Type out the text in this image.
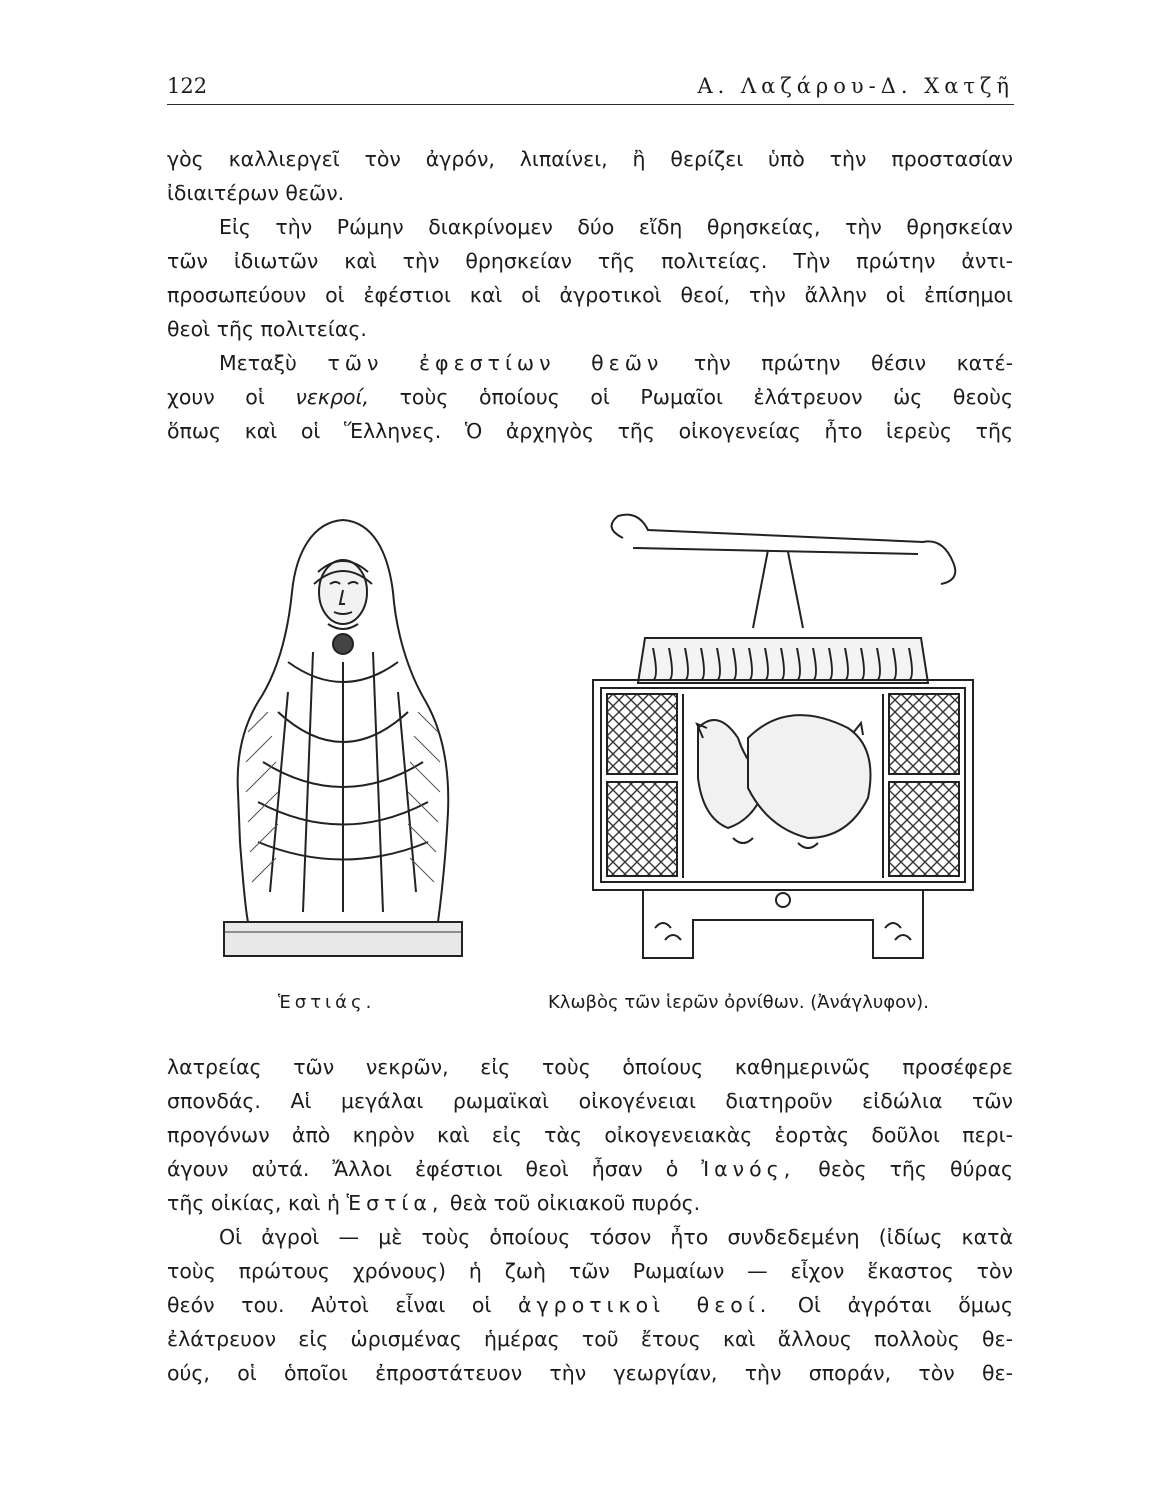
122	Α. Λαζάρου-Δ. Χατζῆ
γὸς καλλιεργεῖ τὸν ἀγρόν, λιπαίνει, ἢ θερίζει ὑπὸ τὴν προστασίαν
ἰδιαιτέρων θεῶν.
Εἰς τὴν Ρώμην διακρίνομεν δύο εἴδη θρησκείας, τὴν θρησκείαν
τῶν ἰδιωτῶν καὶ τὴν θρησκείαν τῆς πολιτείας. Τὴν πρώτην ἀντι-
προσωπεύουν οἱ ἐφέστιοι καὶ οἱ ἀγροτικοὶ θεοί, τὴν ἄλλην οἱ ἐπίσημοι
θεοὶ τῆς πολιτείας.
Μεταξὺ τῶν ἐφεστίων θεῶν τὴν πρώτην θέσιν κατέ-
χουν οἱ νεκροί, τοὺς ὁποίους οἱ Ρωμαῖοι ἐλάτρευον ὡς θεοὺς
ὅπως καὶ οἱ Ἕλληνες. Ὁ ἀρχηγὸς τῆς οἰκογενείας ἦτο ἱερεὺς τῆς
Ἑστιάς.	Κλωβὸς τῶν ἱερῶν ὀρνίθων. (Ἀνάγλυφον).
λατρείας τῶν νεκρῶν, εἰς τοὺς ὁποίους καθημερινῶς προσέφερε
σπονδάς. Αἱ μεγάλαι ρωμαϊκαὶ οἰκογένειαι διατηροῦν εἰδώλια τῶν
προγόνων ἀπὸ κηρὸν καὶ εἰς τὰς οἰκογενειακὰς ἑορτὰς δοῦλοι περι-
άγουν αὐτά. Ἄλλοι ἐφέστιοι θεοὶ ἦσαν ὁ Ἰανός, θεὸς τῆς θύρας
τῆς οἰκίας, καὶ ἡ Ἑστία, θεὰ τοῦ οἰκιακοῦ πυρός.
Οἱ ἀγροὶ — μὲ τοὺς ὁποίους τόσον ἦτο συνδεδεμένη (ἰδίως κατὰ
τοὺς πρώτους χρόνους) ἡ ζωὴ τῶν Ρωμαίων — εἶχον ἕκαστος τὸν
θεόν του. Αὐτοὶ εἶναι οἱ ἀγροτικοὶ θεοί. Οἱ ἀγρόται ὅμως
ἐλάτρευον εἰς ὡρισμένας ἡμέρας τοῦ ἔτους καὶ ἄλλους πολλοὺς θε-
ούς, οἱ ὁποῖοι ἐπροστάτευον τὴν γεωργίαν, τὴν σποράν, τὸν θε-
